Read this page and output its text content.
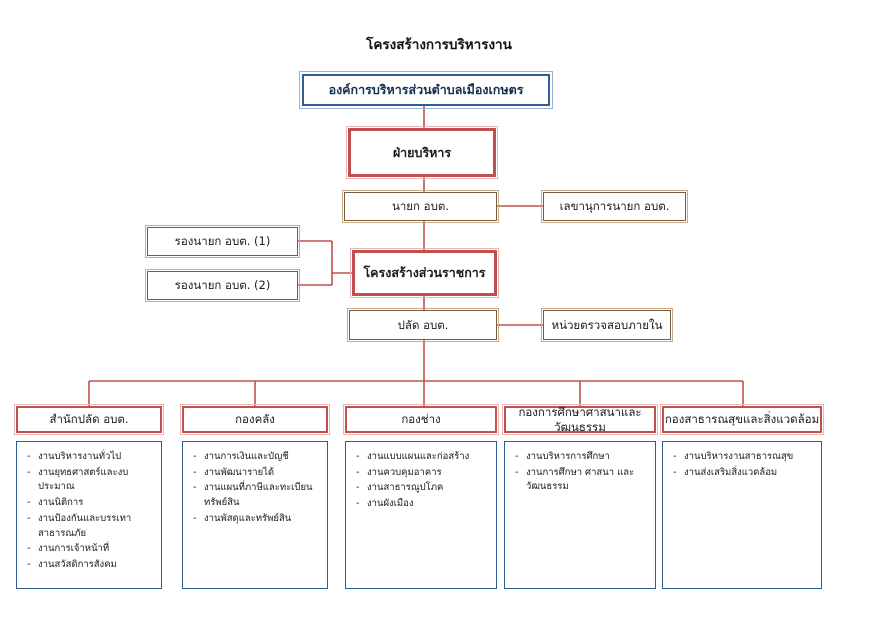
โครงสร้างการบริหารงาน
องค์การบริหารส่วนตำบลเมืองเกษตร
ฝ่ายบริหาร
นายก อบต.	เลขานุการนายก อบต.
รองนายก อบต. (1)
รองนายก อบต. (2)
โครงสร้างส่วนราชการ
ปลัด อบต.	หน่วยตรวจสอบภายใน
สำนักปลัด อบต.
- งานบริหารงานทั่วไป
- งานยุทธศาสตร์และงบประมาณ
- งานนิติการ
- งานป้องกันและบรรเทาสาธารณภัย
- งานการเจ้าหน้าที่
- งานสวัสดิการสังคม
กองคลัง
- งานการเงินและบัญชี
- งานพัฒนารายได้
- งานแผนที่ภาษีและทะเบียนทรัพย์สิน
- งานพัสดุและทรัพย์สิน
กองช่าง
- งานแบบแผนและก่อสร้าง
- งานควบคุมอาคาร
- งานสาธารณูปโภค
- งานผังเมือง
กองการศึกษาศาสนาและวัฒนธรรม
- งานบริหารการศึกษา
- งานการศึกษา ศาสนา และวัฒนธรรม
กองสาธารณสุขและสิ่งแวดล้อม
- งานบริหารงานสาธารณสุข
- งานส่งเสริมสิ่งแวดล้อม
